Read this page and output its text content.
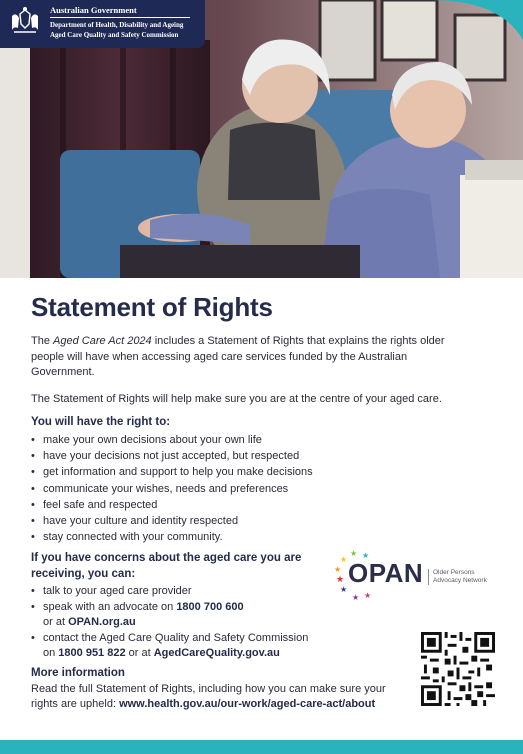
Australian Government
Department of Health, Disability and Ageing
Aged Care Quality and Safety Commission
Statement of Rights

The Aged Care Act 2024 includes a Statement of Rights that explains the rights older people will have when accessing aged care services funded by the Australian Government.

The Statement of Rights will help make sure you are at the centre of your aged care.

You will have the right to:

• make your own decisions about your own life
• have your decisions not just accepted, but respected
• get information and support to help you make decisions
• communicate your wishes, needs and preferences
• feel safe and respected
• have your culture and identity respected
• stay connected with your community.

If you have concerns about the aged care you are receiving, you can:

• talk to your aged care provider
• speak with an advocate on 1800 700 600
or at OPAN.org.au
• contact the Aged Care Quality and Safety Commission
on 1800 951 822 or at AgedCareQuality.gov.au

More information

Read the full Statement of Rights, including how you can make sure your rights are upheld: www.health.gov.au/our-work/aged-care-act/about

★
★
★
★ ★
★
★ ★
OPAN Older Persons
Advocacy Network
